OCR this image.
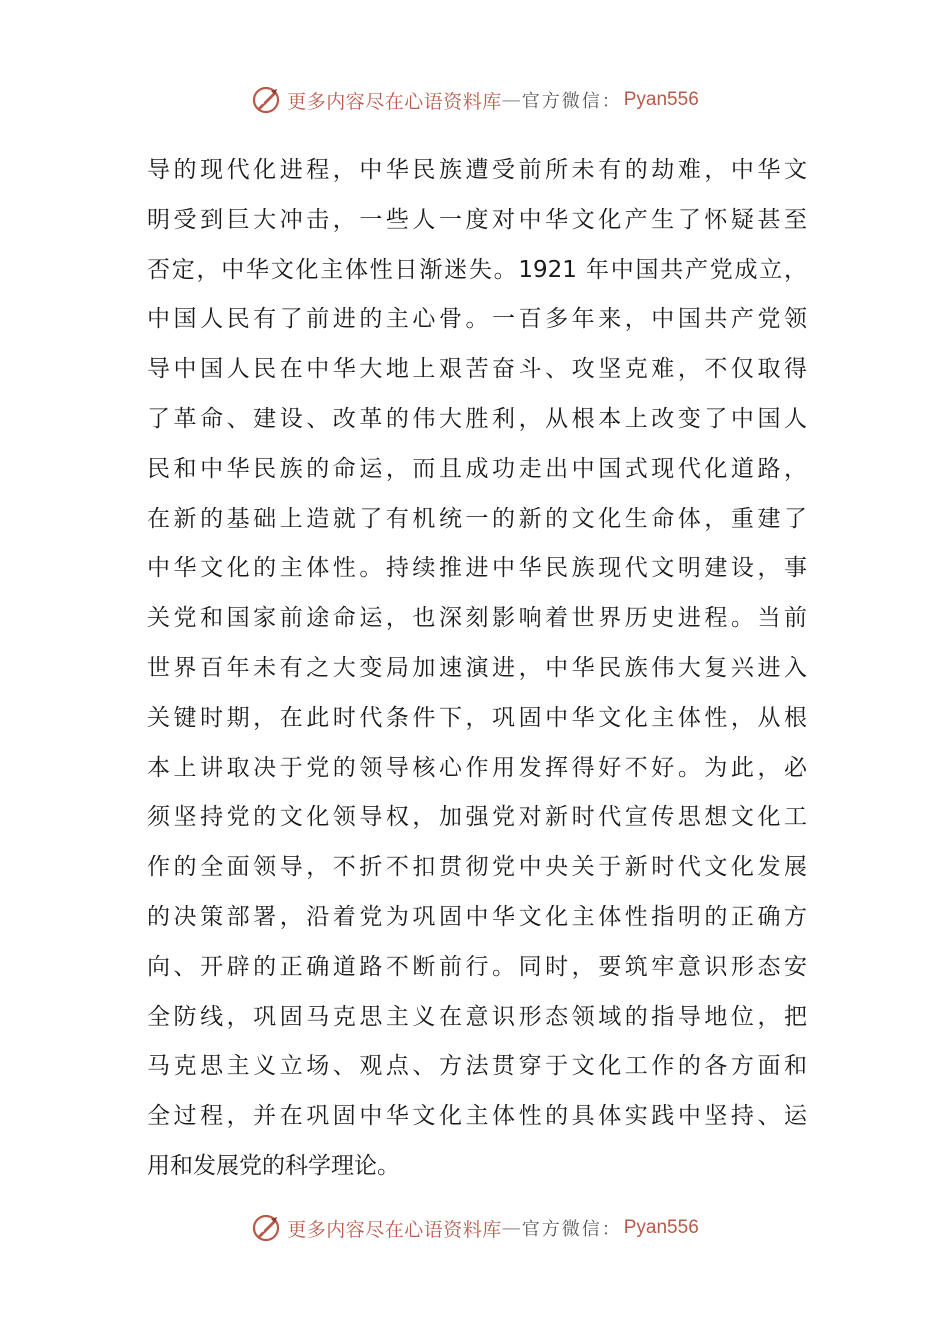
更多内容尽在心语资料库 — 官方微信： Pyan556
导的现代化进程，中华民族遭受前所未有的劫难，中华文
明受到巨大冲击，一些人一度对中华文化产生了怀疑甚至
否定，中华文化主体性日渐迷失。1921 年中国共产党成立，
中国人民有了前进的主心骨。一百多年来，中国共产党领
导中国人民在中华大地上艰苦奋斗、攻坚克难，不仅取得
了革命、建设、改革的伟大胜利，从根本上改变了中国人
民和中华民族的命运，而且成功走出中国式现代化道路，
在新的基础上造就了有机统一的新的文化生命体，重建了
中华文化的主体性。持续推进中华民族现代文明建设，事
关党和国家前途命运，也深刻影响着世界历史进程。当前
世界百年未有之大变局加速演进，中华民族伟大复兴进入
关键时期，在此时代条件下，巩固中华文化主体性，从根
本上讲取决于党的领导核心作用发挥得好不好。为此，必
须坚持党的文化领导权，加强党对新时代宣传思想文化工
作的全面领导，不折不扣贯彻党中央关于新时代文化发展
的决策部署，沿着党为巩固中华文化主体性指明的正确方
向、开辟的正确道路不断前行。同时，要筑牢意识形态安
全防线，巩固马克思主义在意识形态领域的指导地位，把
马克思主义立场、观点、方法贯穿于文化工作的各方面和
全过程，并在巩固中华文化主体性的具体实践中坚持、运
用和发展党的科学理论。
更多内容尽在心语资料库 — 官方微信： Pyan556
